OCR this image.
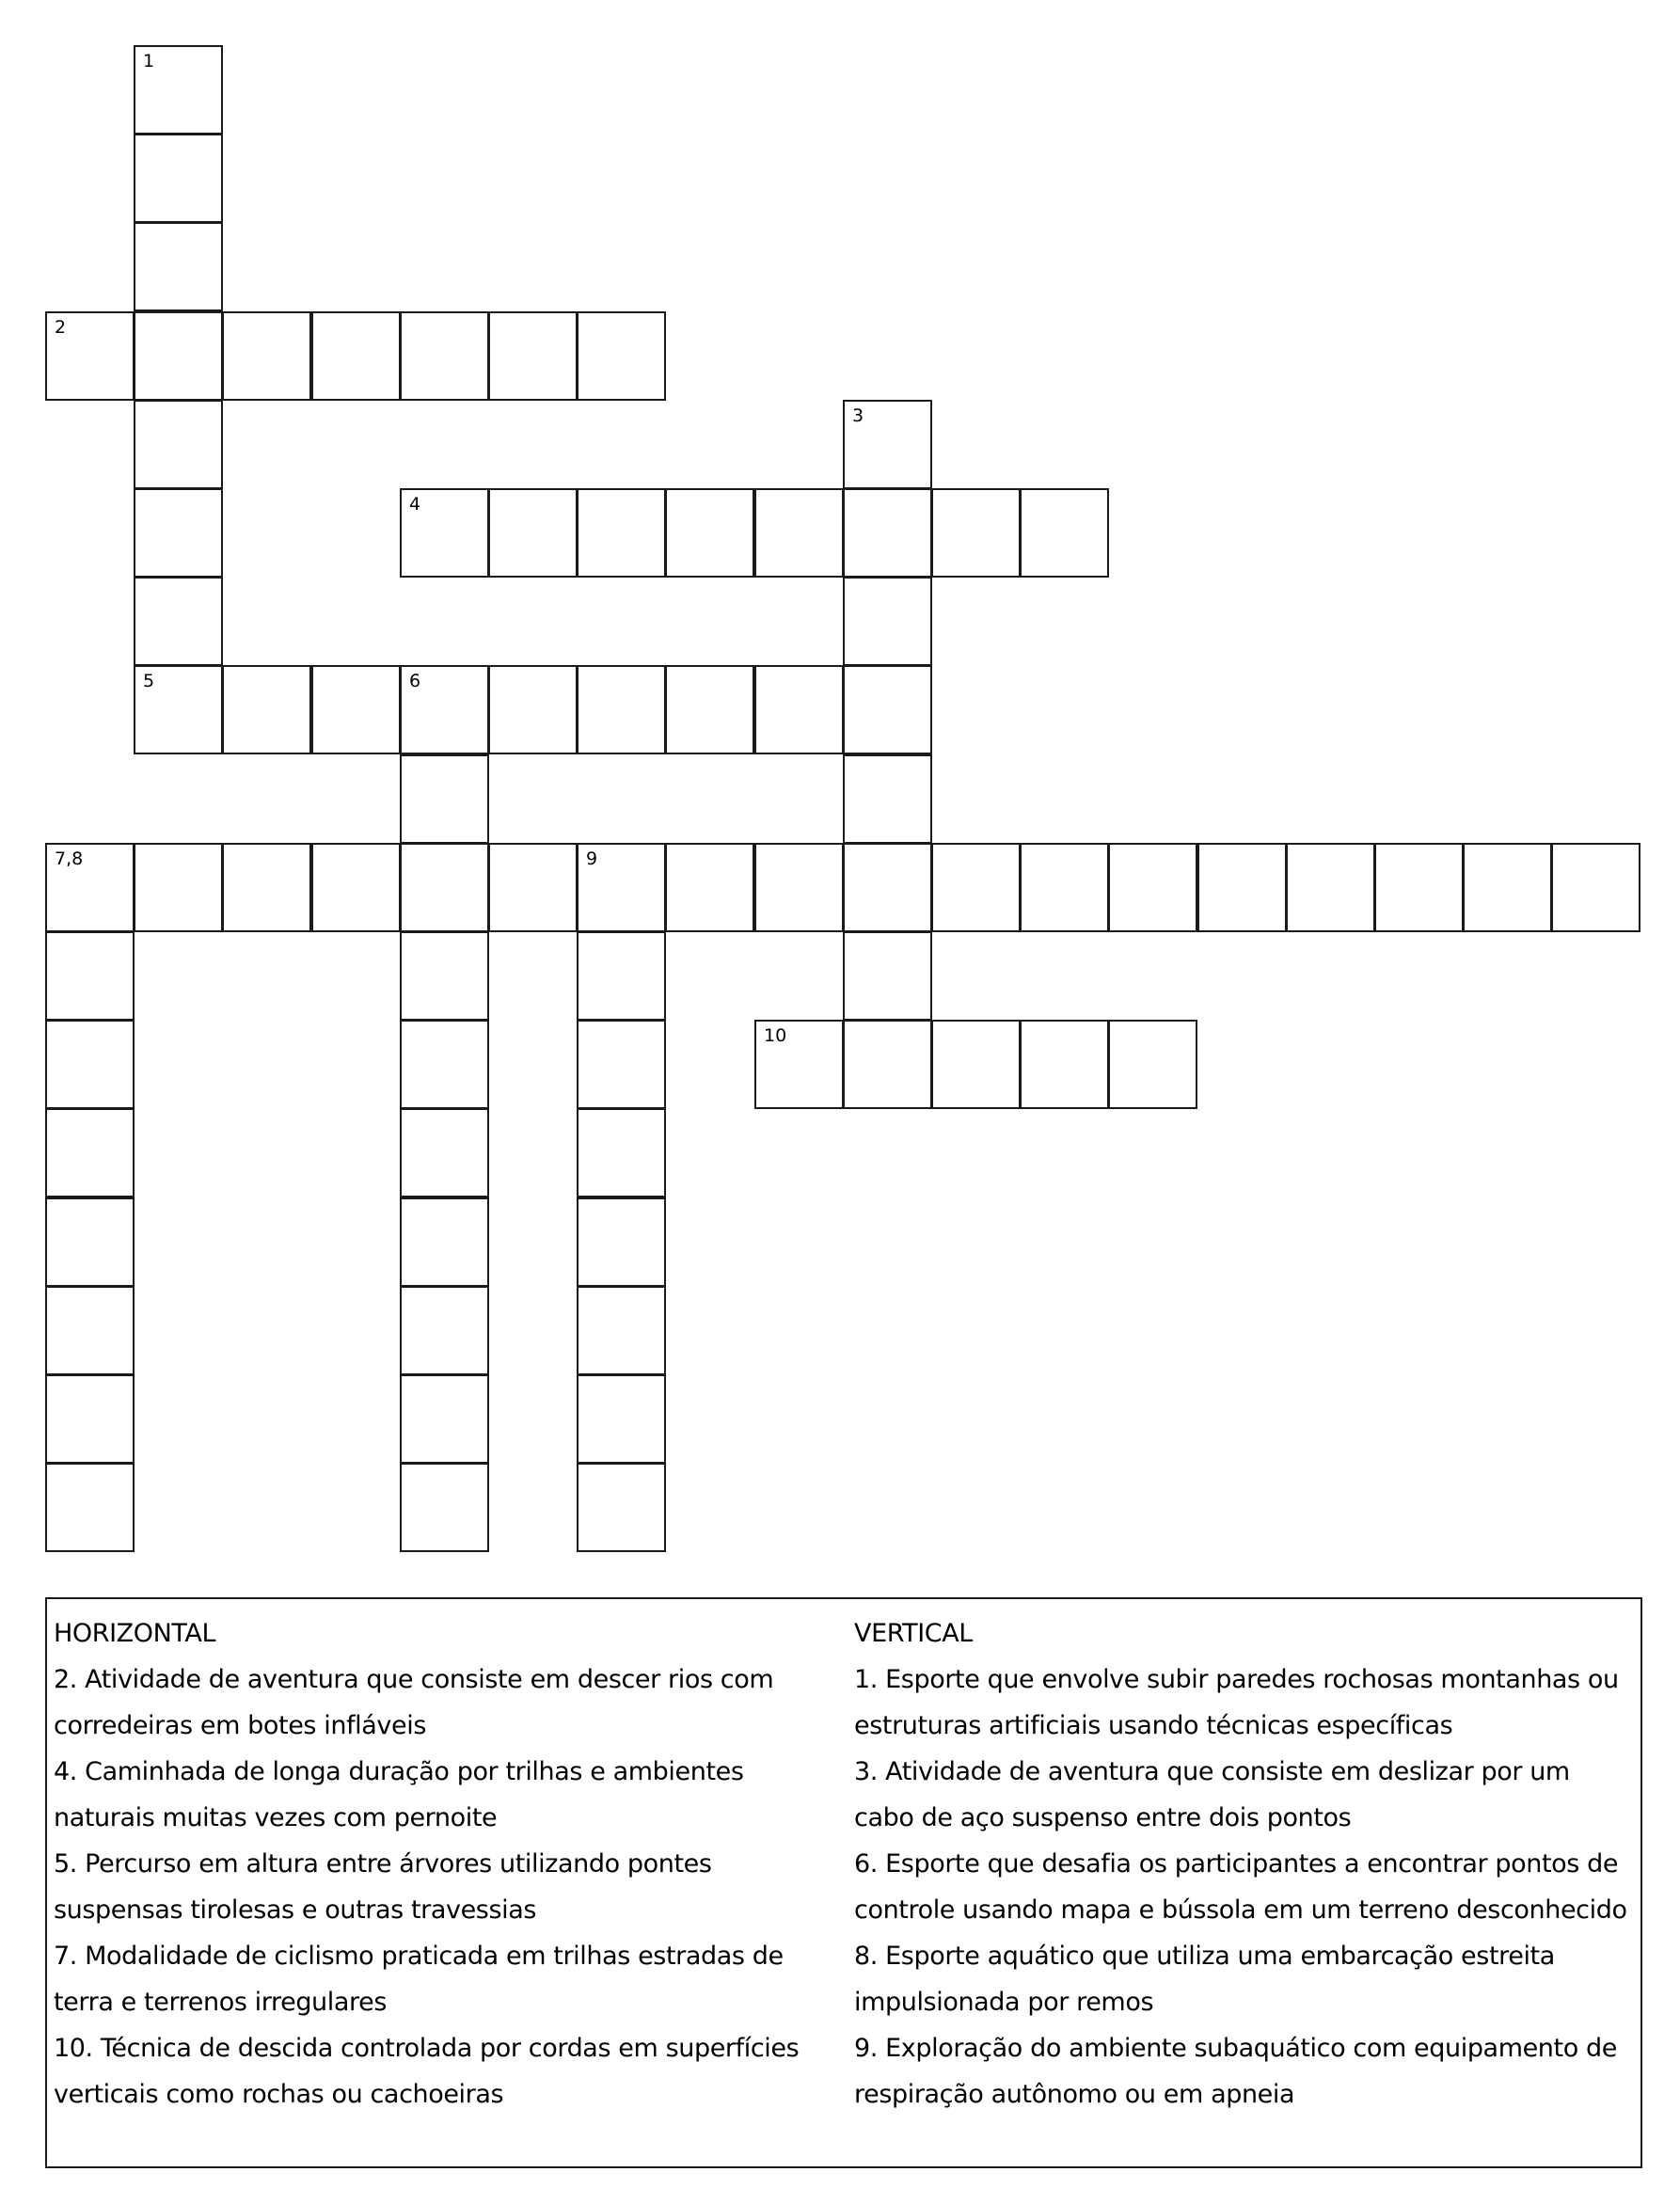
1
2
3
4
5	6
7,8	9
10
HORIZONTAL
2. Atividade de aventura que consiste em descer rios com
corredeiras em botes infláveis
4. Caminhada de longa duração por trilhas e ambientes
naturais muitas vezes com pernoite
5. Percurso em altura entre árvores utilizando pontes
suspensas tirolesas e outras travessias
7. Modalidade de ciclismo praticada em trilhas estradas de
terra e terrenos irregulares
10. Técnica de descida controlada por cordas em superfícies
verticais como rochas ou cachoeiras
VERTICAL
1. Esporte que envolve subir paredes rochosas montanhas ou
estruturas artificiais usando técnicas específicas
3. Atividade de aventura que consiste em deslizar por um
cabo de aço suspenso entre dois pontos
6. Esporte que desafia os participantes a encontrar pontos de
controle usando mapa e bússola em um terreno desconhecido
8. Esporte aquático que utiliza uma embarcação estreita
impulsionada por remos
9. Exploração do ambiente subaquático com equipamento de
respiração autônomo ou em apneia
